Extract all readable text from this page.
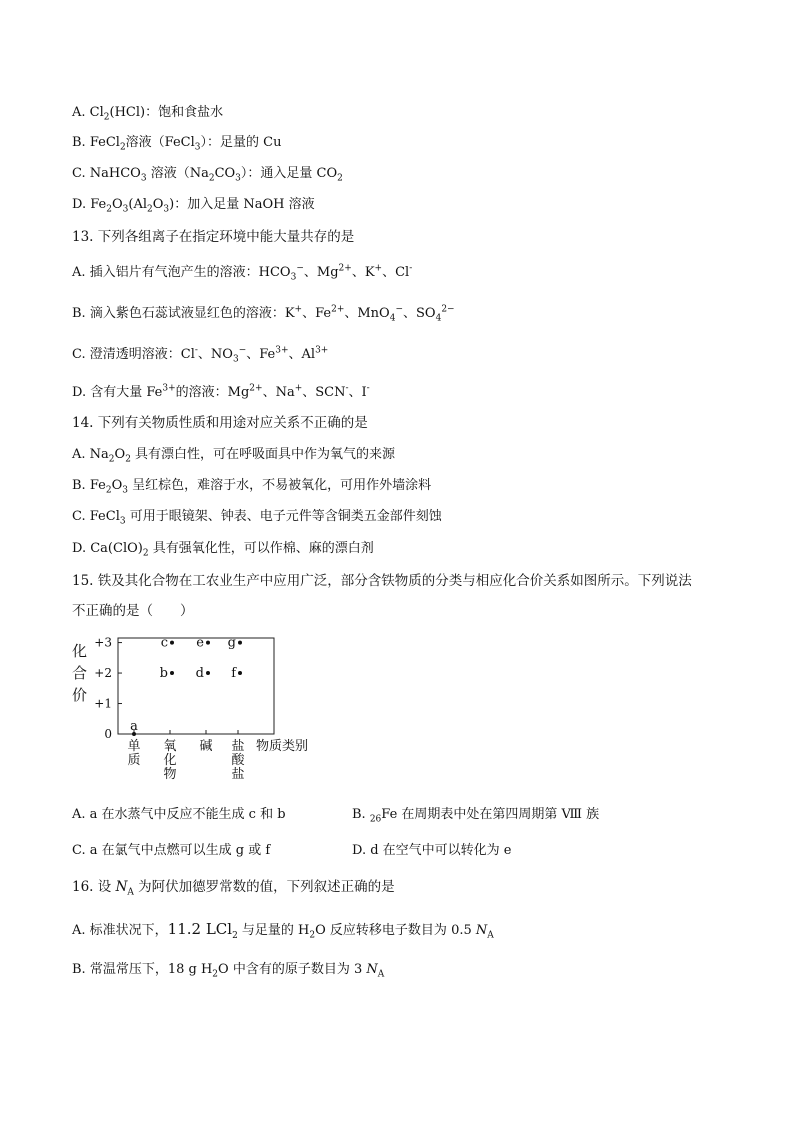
A. $Cl_2(HCl)$：饱和食盐水
B. FeCl$_2$溶液（FeCl$_3$）：足量的 Cu
C. NaHCO$_3$ 溶液$(Na_2CO_3)$：通入足量 $CO_2$
D. $Fe_2O_3(Al_2O_3)$：加入足量 NaOH 溶液
13. 下列各组离子在指定环境中能大量共存的是
A. 插入铝片有气泡产生的溶液：$HCO_3^-$、$Mg^{2+}$、K+、Cl-
B. 滴入紫色石蕊试液显红色的溶液：K+、$Fe^{2+}$、MnO$_4$−、$SO_4^{2-}$
C. 澄清透明溶液：Cl-、$NO_3^-$、$Fe^{3+}$、$Al^{3+}$
D. 含有大量 $Fe^{3+}$的溶液：$Mg^{2+}$、Na+、SCN-、I-
14. 下列有关物质性质和用途对应关系不正确的是
A. $Na_2O_2$ 具有漂白性，可在呼吸面具中作为氧气的来源
B. $Fe_2O_3$ 呈红棕色，难溶于水，不易被氧化，可用作外墙涂料
C. FeCl$_3$ 可用于眼镜架、钟表、电子元件等含铜类五金部件刻蚀
D. $Ca(ClO)_2$ 具有强氧化性，可以作棉、麻的漂白剂
15. 铁及其化合物在工农业生产中应用广泛，部分含铁物质的分类与相应化合价关系如图所示。下列说法
不正确的是（　　）
化
合
价
+3
+2
+1
0
单
质
氧
化
物
碱 盐
酸
盐
物质类别
a
b
c
d
e
f
g
A. a 在水蒸气中反应不能生成 c 和 b	B. $_{26}$Fe 在周期表中处在第四周期第 Ⅷ 族
C. a 在氯气中点燃可以生成 g 或 f	D. d 在空气中可以转化为 e
16. 设 $N_A$ 为阿伏加德罗常数的值，下列叙述正确的是
A. 标准状况下，11.2 LCl$_2$ 与足量的 $H_2O$ 反应转移电子数目为 0.5 $N_A$
B. 常温常压下，18 g $H_2O$ 中含有的原子数目为 3 $N_A$
